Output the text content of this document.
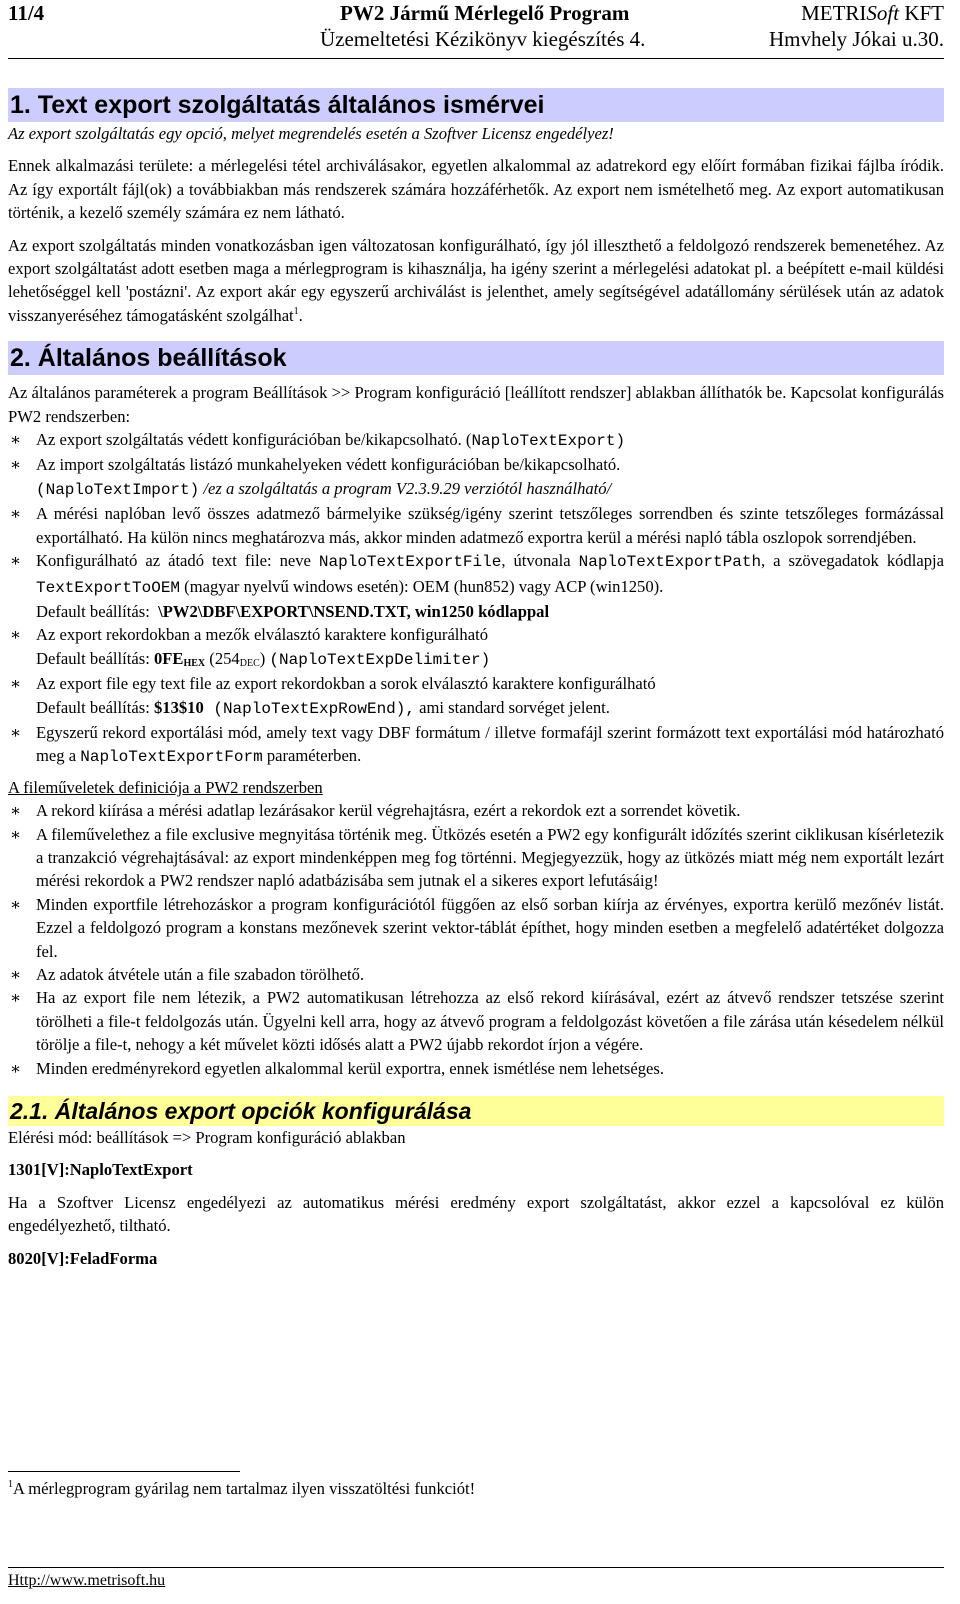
11/4	PW2 Jármű Mérlegelő Program
Üzemeltetési Kézikönyv kiegészítés 4.
METRISoft KFT
Hmvhely Jókai u.30.
1. Text export szolgáltatás általános ismérvei

Az export szolgáltatás egy opció, melyet megrendelés esetén a Szoftver Licensz engedélyez!

Ennek alkalmazási területe: a mérlegelési tétel archiválásakor, egyetlen alkalommal az adatrekord egy előírt formában fizikai fájlba íródik. Az így exportált fájl(ok) a továbbiakban más rendszerek számára hozzáférhetők. Az export nem ismételhető meg. Az export automatikusan történik, a kezelő személy számára ez nem látható.

Az export szolgáltatás minden vonatkozásban igen változatosan konfigurálható, így jól illeszthető a feldolgozó rendszerek bemenetéhez. Az export szolgáltatást adott esetben maga a mérlegprogram is kihasználja, ha igény szerint a mérlegelési adatokat pl. a beépített e-mail küldési lehetőséggel kell 'postázni'. Az export akár egy egyszerű archiválást is jelenthet, amely segítségével adatállomány sérülések után az adatok visszanyeréséhez támogatásként szolgálhat$^1$.

2. Általános beállítások

Az általános paraméterek a program Beállítások >> Program konfiguráció [leállított rendszer] ablakban állíthatók be. Kapcsolat konfigurálás PW2 rendszerben:

∗ Az export szolgáltatás védett konfigurációban be/kikapcsolható. (NaploTextExport)
∗ Az import szolgáltatás listázó munkahelyeken védett konfigurációban be/kikapcsolható.
(NaploTextImport) /ez a szolgáltatás a program V2.3.9.29 verziótól használható/
∗ A mérési naplóban levő összes adatmező bármelyike szükség/igény szerint tetszőleges sorrendben és szinte tetszőleges formázással exportálható. Ha külön nincs meghatározva más, akkor minden adatmező exportra kerül a mérési napló tábla oszlopok sorrendjében.
∗ Konfigurálható az átadó text file: neve NaploTextExportFile, útvonala NaploTextExportPath, a szövegadatok kódlapja TextExportToOEM (magyar nyelvű windows esetén): OEM (hun852) vagy ACP (win1250).
Default beállítás:  \PW2\DBF\EXPORT\NSEND.TXT, win1250 kódlappal
∗ Az export rekordokban a mezők elválasztó karaktere konfigurálható
Default beállítás: $0FE_{HEX}$ $(254_{DEC})$ (NaploTextExpDelimiter)
∗ Az export file egy text file az export rekordokban a sorok elválasztó karaktere konfigurálható
Default beállítás: $13$10 (NaploTextExpRowEnd), ami standard sorvéget jelent.
∗ Egyszerű rekord exportálási mód, amely text vagy DBF formátum / illetve formafájl szerint formázott text exportálási mód határozható meg a NaploTextExportForm paraméterben.

A fileműveletek definiciója a PW2 rendszerben

∗ A rekord kiírása a mérési adatlap lezárásakor kerül végrehajtásra, ezért a rekordok ezt a sorrendet követik.
∗ A fileművelethez a file exclusive megnyitása történik meg. Ütközés esetén a PW2 egy konfigurált időzítés szerint ciklikusan kísérletezik a tranzakció végrehajtásával: az export mindenképpen meg fog történni. Megjegyezzük, hogy az ütközés miatt még nem exportált lezárt mérési rekordok a PW2 rendszer napló adatbázisába sem jutnak el a sikeres export lefutásáig!
∗ Minden exportfile létrehozáskor a program konfigurációtól függően az első sorban kiírja az érvényes, exportra kerülő mezőnév listát. Ezzel a feldolgozó program a konstans mezőnevek szerint vektor-táblát építhet, hogy minden esetben a megfelelő adatértéket dolgozza fel.
∗ Az adatok átvétele után a file szabadon törölhető.
∗ Ha az export file nem létezik, a PW2 automatikusan létrehozza az első rekord kiírásával, ezért az átvevő rendszer tetszése szerint törölheti a file-t feldolgozás után. Ügyelni kell arra, hogy az átvevő program a feldolgozást követően a file zárása után késedelem nélkül törölje a file-t, nehogy a két művelet közti idősés alatt a PW2 újabb rekordot írjon a végére.
∗ Minden eredményrekord egyetlen alkalommal kerül exportra, ennek ismétlése nem lehetséges.
2.1. Általános export opciók konfigurálása

Elérési mód: beállítások => Program konfiguráció ablakban

1301[V]:NaploTextExport

Ha a Szoftver Licensz engedélyezi az automatikus mérési eredmény export szolgáltatást, akkor ezzel a kapcsolóval ez külön engedélyezhető, tiltható.

8020[V]:FeladForma

$^1$A mérlegprogram gyárilag nem tartalmaz ilyen visszatöltési funkciót!
Http://www.metrisoft.hu
